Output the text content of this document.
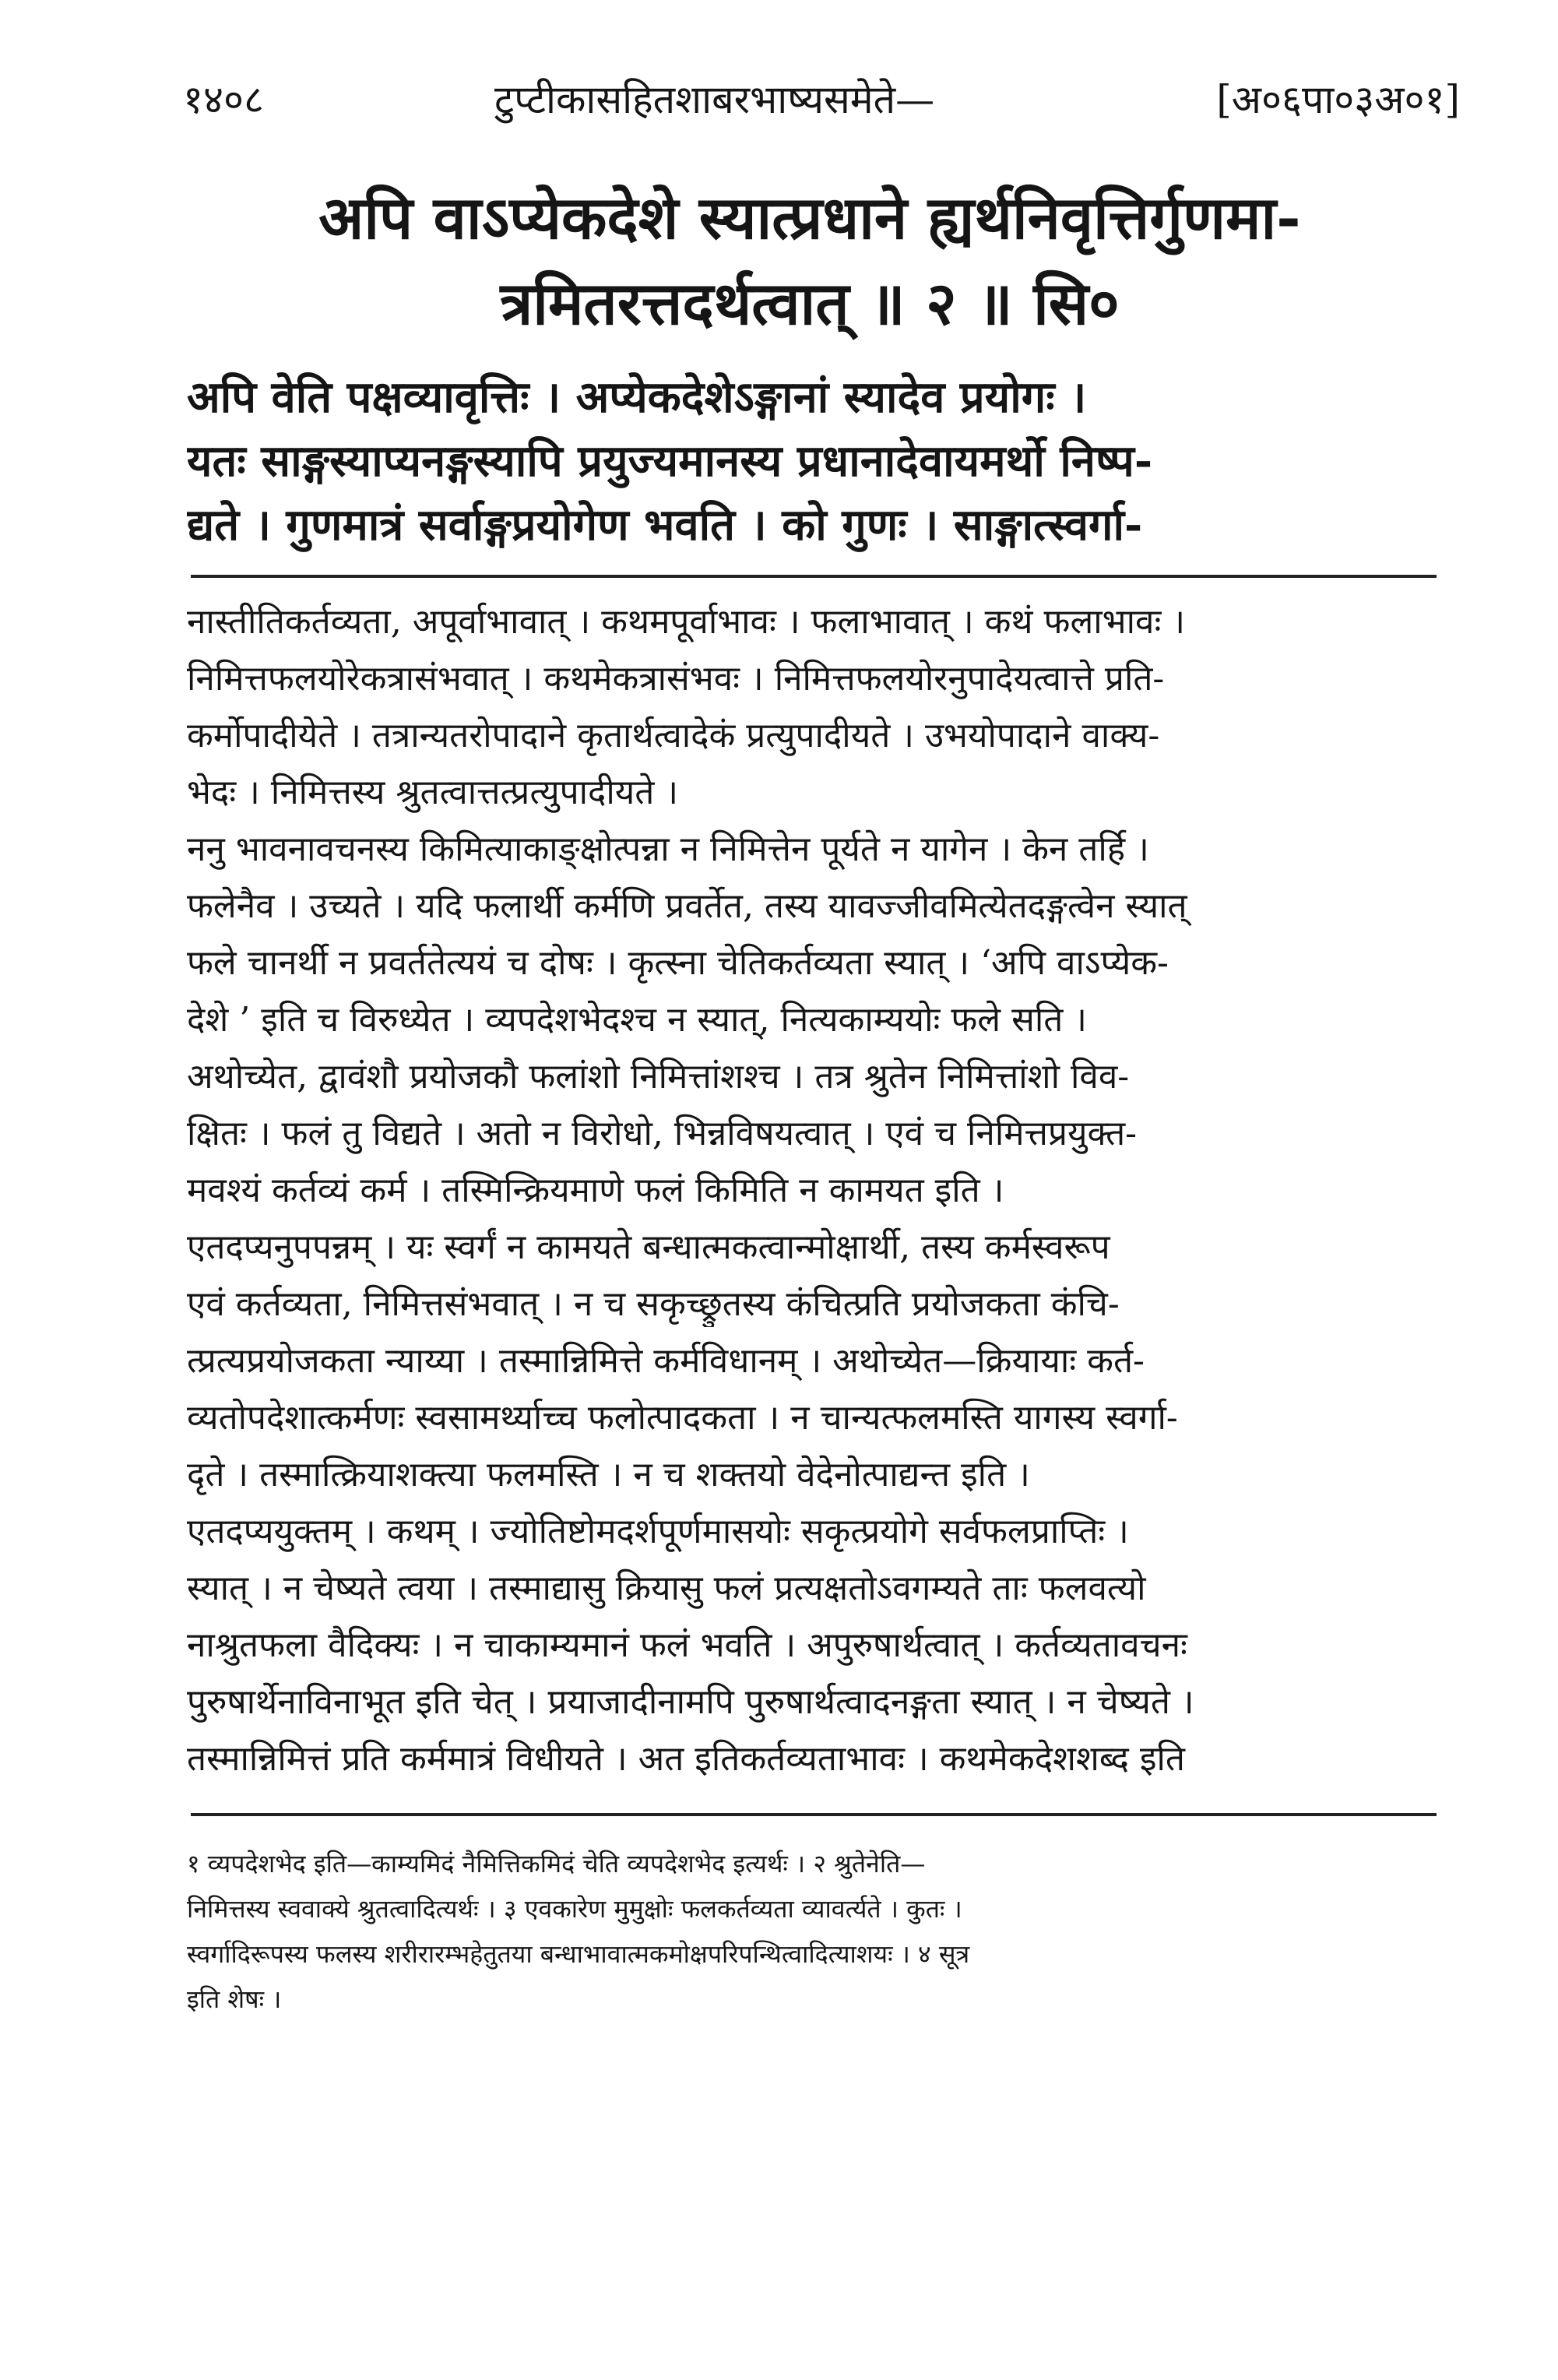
१४०८	टुप्टीकासहितशाबरभाष्यसमेते—	[अ०६पा०३अ०१]
अपि वाऽप्येकदेशे स्यात्प्रधाने ह्यर्थनिवृत्तिर्गुणमा-
त्रमितरत्तदर्थत्वात् ॥ २ ॥ सि०
अपि वेति पक्षव्यावृत्तिः । अप्येकदेशेऽङ्गानां स्यादेव प्रयोगः ।
यतः साङ्गस्याप्यनङ्गस्यापि प्रयुज्यमानस्य प्रधानादेवायमर्थो निष्प-
द्यते । गुणमात्रं सर्वाङ्गप्रयोगेण भवति । को गुणः । साङ्गात्स्वर्गा-
नास्तीतिकर्तव्यता, अपूर्वाभावात् । कथमपूर्वाभावः । फलाभावात् । कथं फलाभावः ।
निमित्तफलयोरेकत्रासंभवात् । कथमेकत्रासंभवः । निमित्तफलयोरनुपादेयत्वात्ते प्रति-
कर्मोपादीयेते । तत्रान्यतरोपादाने कृतार्थत्वादेकं प्रत्युपादीयते । उभयोपादाने वाक्य-
भेदः । निमित्तस्य श्रुतत्वात्तत्प्रत्युपादीयते ।
ननु भावनावचनस्य किमित्याकाङ्क्षोत्पन्ना न निमित्तेन पूर्यते न यागेन । केन तर्हि ।
फलेनैव । उच्यते । यदि फलार्थी कर्मणि प्रवर्तेत, तस्य यावज्जीवमित्येतदङ्गत्वेन स्यात्
फले चानर्थी न प्रवर्ततेत्ययं च दोषः । कृत्स्ना चेतिकर्तव्यता स्यात् । ‘अपि वाऽप्येक-
देशे ’ इति च विरुध्येत । व्यपदेशभेदश्च न स्यात्, नित्यकाम्ययोः फले सति ।
अथोच्येत, द्वावंशौ प्रयोजकौ फलांशो निमित्तांशश्च । तत्र श्रुतेन निमित्तांशो विव-
क्षितः । फलं तु विद्यते । अतो न विरोधो, भिन्नविषयत्वात् । एवं च निमित्तप्रयुक्त-
मवश्यं कर्तव्यं कर्म । तस्मिन्क्रियमाणे फलं किमिति न कामयत इति ।
एतदप्यनुपपन्नम् । यः स्वर्गं न कामयते बन्धात्मकत्वान्मोक्षार्थी, तस्य कर्मस्वरूप
एवं कर्तव्यता, निमित्तसंभवात् । न च सकृच्छ्रुतस्य कंचित्प्रति प्रयोजकता कंचि-
त्प्रत्यप्रयोजकता न्याय्या । तस्मान्निमित्ते कर्मविधानम् । अथोच्येत—क्रियायाः कर्त-
व्यतोपदेशात्कर्मणः स्वसामर्थ्याच्च फलोत्पादकता । न चान्यत्फलमस्ति यागस्य स्वर्गा-
दृते । तस्मात्क्रियाशक्त्या फलमस्ति । न च शक्तयो वेदेनोत्पाद्यन्त इति ।
एतदप्ययुक्तम् । कथम् । ज्योतिष्टोमदर्शपूर्णमासयोः सकृत्प्रयोगे सर्वफलप्राप्तिः ।
स्यात् । न चेष्यते त्वया । तस्माद्यासु क्रियासु फलं प्रत्यक्षतोऽवगम्यते ताः फलवत्यो
नाश्रुतफला वैदिक्यः । न चाकाम्यमानं फलं भवति । अपुरुषार्थत्वात् । कर्तव्यतावचनः
पुरुषार्थेनाविनाभूत इति चेत् । प्रयाजादीनामपि पुरुषार्थत्वादनङ्गता स्यात् । न चेष्यते ।
तस्मान्निमित्तं प्रति कर्ममात्रं विधीयते । अत इतिकर्तव्यताभावः । कथमेकदेशशब्द इति
१ व्यपदेशभेद इति—काम्यमिदं नैमित्तिकमिदं चेति व्यपदेशभेद इत्यर्थः । २ श्रुतेनेति—
निमित्तस्य स्ववाक्ये श्रुतत्वादित्यर्थः । ३ एवकारेण मुमुक्षोः फलकर्तव्यता व्यावर्त्यते । कुतः ।
स्वर्गादिरूपस्य फलस्य शरीरारम्भहेतुतया बन्धाभावात्मकमोक्षपरिपन्थित्वादित्याशयः । ४ सूत्र
इति शेषः ।
